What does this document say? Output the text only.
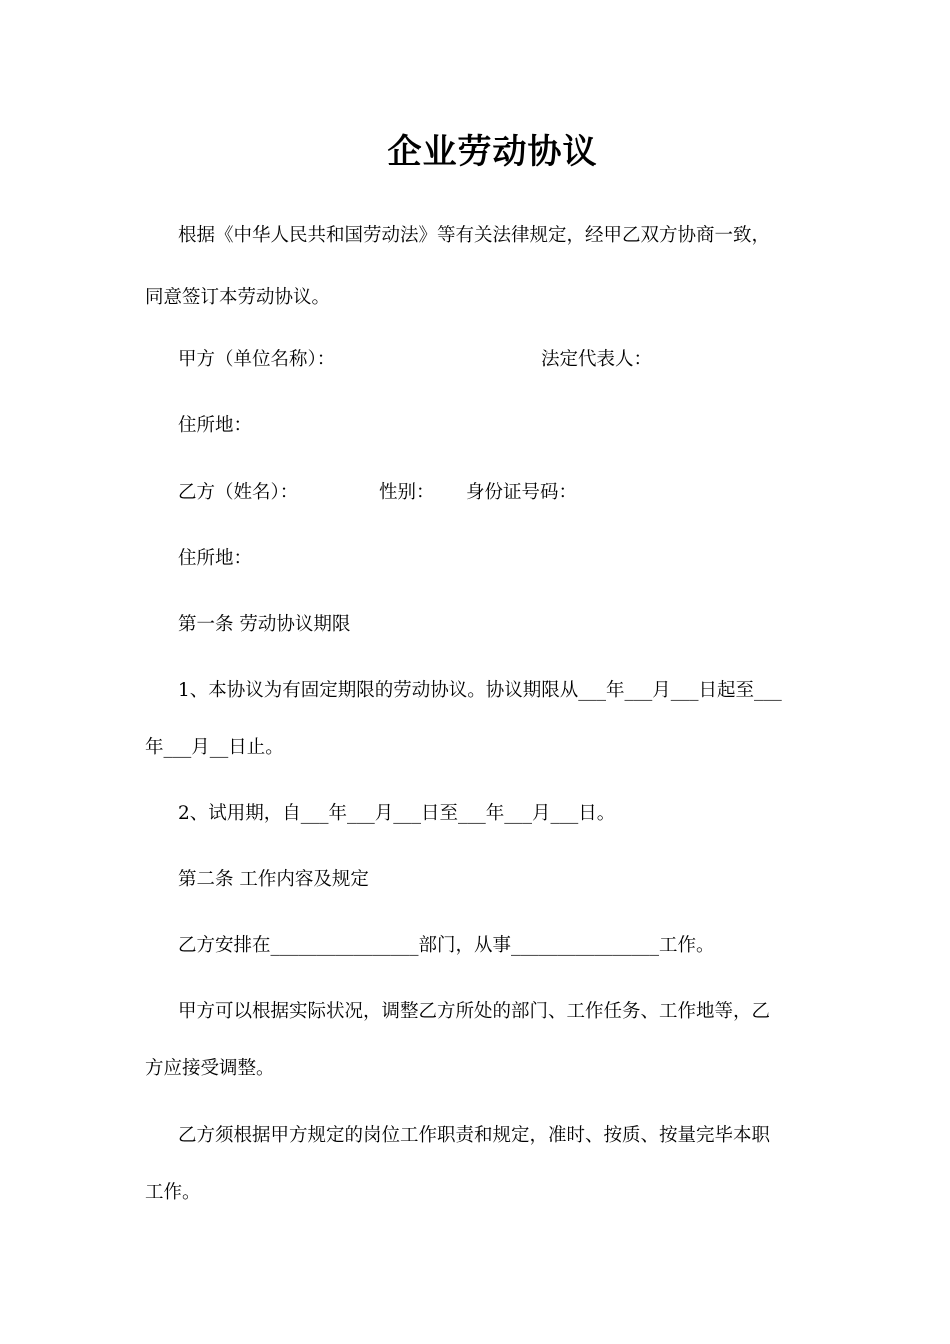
企业劳动协议
根据《中华人民共和国劳动法》等有关法律规定，经甲乙双方协商一致，
同意签订本劳动协议。
甲方（单位名称）：	法定代表人：
住所地：
乙方（姓名）：	性别： 身份证号码：
住所地：
第一条 劳动协议期限
1、本协议为有固定期限的劳动协议。协议期限从___年___月___日起至___
年___月__日止。
2、试用期，自___年___月___日至___年___月___日。
第二条 工作内容及规定
乙方安排在________________部门，从事________________工作。
甲方可以根据实际状况，调整乙方所处的部门、工作任务、工作地等，乙
方应接受调整。
乙方须根据甲方规定的岗位工作职责和规定，准时、按质、按量完毕本职
工作。
